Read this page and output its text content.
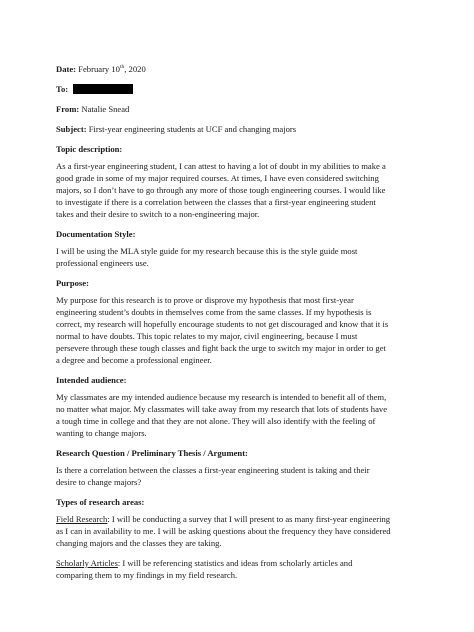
Date: February 10th, 2020

To:

From: Natalie Snead

Subject: First-year engineering students at UCF and changing majors

Topic description:

As a first-year engineering student, I can attest to having a lot of doubt in my abilities to make a

good grade in some of my major required courses. At times, I have even considered switching

majors, so I don’t have to go through any more of those tough engineering courses. I would like

to investigate if there is a correlation between the classes that a first-year engineering student

takes and their desire to switch to a non-engineering major.

Documentation Style:

I will be using the MLA style guide for my research because this is the style guide most

professional engineers use.

Purpose:

My purpose for this research is to prove or disprove my hypothesis that most first-year

engineering student’s doubts in themselves come from the same classes. If my hypothesis is

correct, my research will hopefully encourage students to not get discouraged and know that it is

normal to have doubts. This topic relates to my major, civil engineering, because I must

persevere through these tough classes and fight back the urge to switch my major in order to get

a degree and become a professional engineer.

Intended audience:

My classmates are my intended audience because my research is intended to benefit all of them,

no matter what major. My classmates will take away from my research that lots of students have

a tough time in college and that they are not alone. They will also identify with the feeling of

wanting to change majors.

Research Question / Preliminary Thesis / Argument:

Is there a correlation between the classes a first-year engineering student is taking and their

desire to change majors?

Types of research areas:

Field Research: I will be conducting a survey that I will present to as many first-year engineering

as I can in availability to me. I will be asking questions about the frequency they have considered

changing majors and the classes they are taking.

Scholarly Articles: I will be referencing statistics and ideas from scholarly articles and

comparing them to my findings in my field research.
